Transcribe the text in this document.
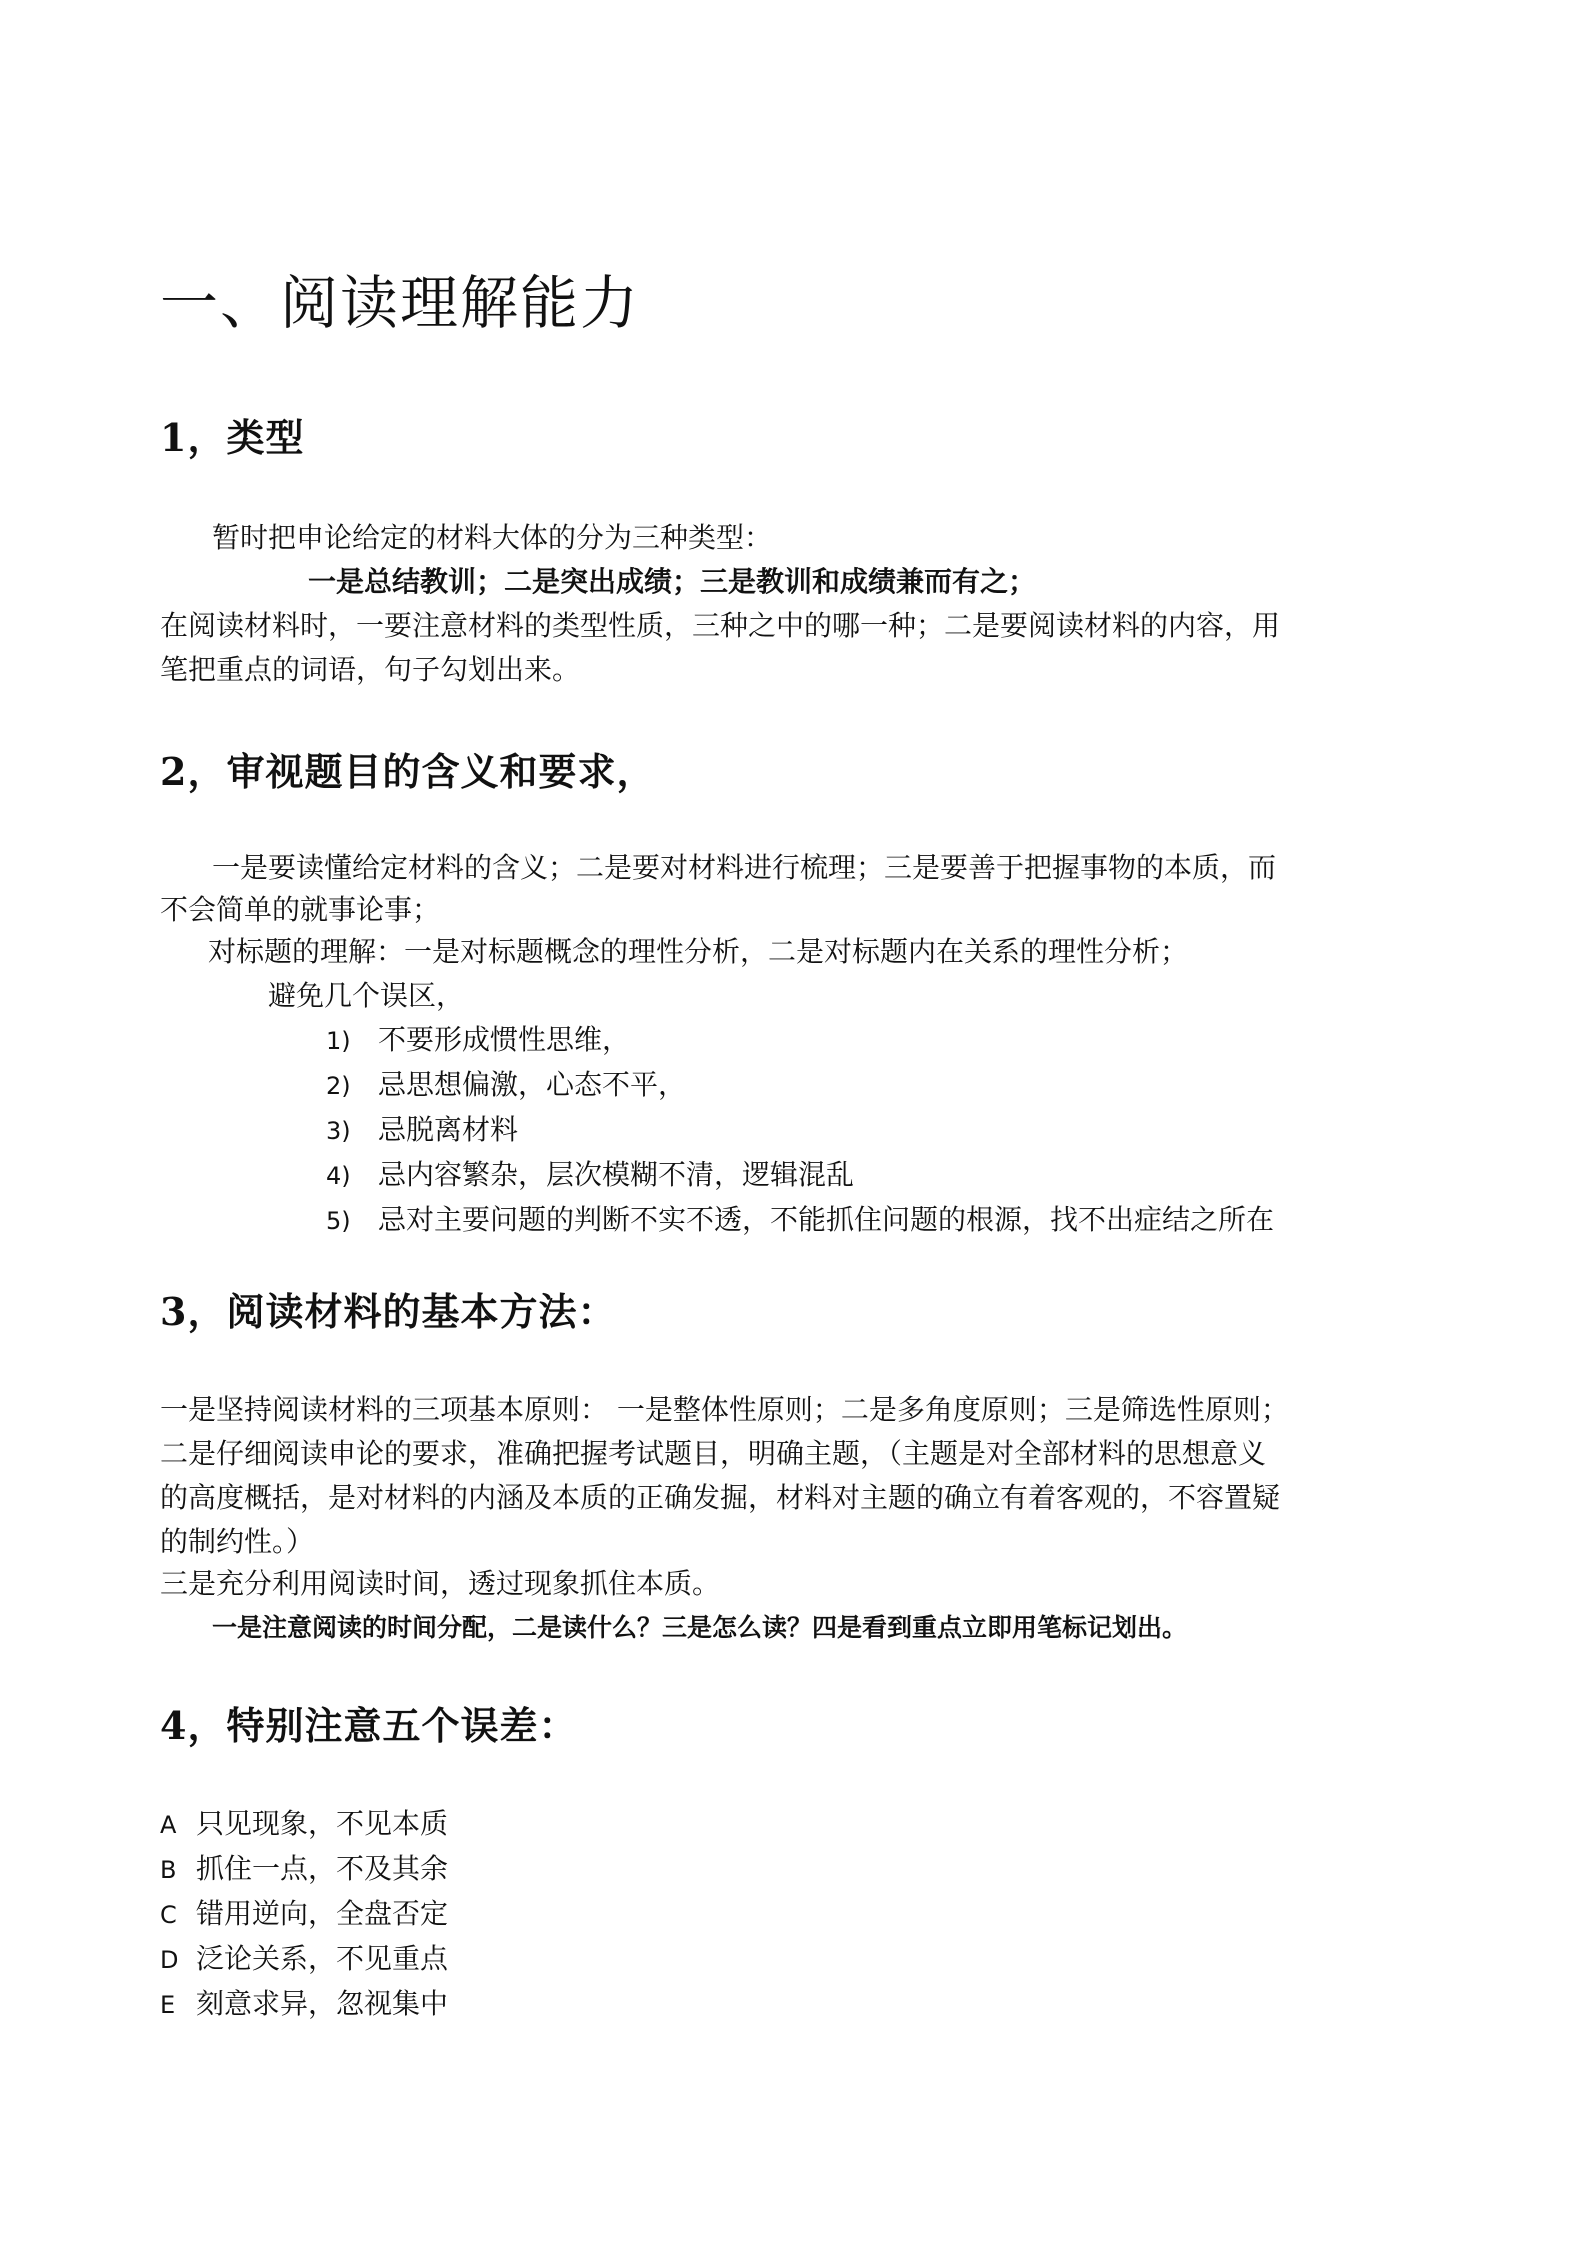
一、阅读理解能力
1，类型
暂时把申论给定的材料大体的分为三种类型：
一是总结教训；二是突出成绩；三是教训和成绩兼而有之；
在阅读材料时，一要注意材料的类型性质，三种之中的哪一种；二是要阅读材料的内容，用
笔把重点的词语，句子勾划出来。
2，审视题目的含义和要求，
一是要读懂给定材料的含义；二是要对材料进行梳理；三是要善于把握事物的本质，而
不会简单的就事论事；
对标题的理解：一是对标题概念的理性分析，二是对标题内在关系的理性分析；
避免几个误区，
1) 不要形成惯性思维，
2) 忌思想偏激，心态不平，
3) 忌脱离材料
4) 忌内容繁杂，层次模糊不清，逻辑混乱
5) 忌对主要问题的判断不实不透，不能抓住问题的根源，找不出症结之所在
3，阅读材料的基本方法：
一是坚持阅读材料的三项基本原则： 一是整体性原则；二是多角度原则；三是筛选性原则；
二是仔细阅读申论的要求，准确把握考试题目，明确主题，（主题是对全部材料的思想意义
的高度概括，是对材料的内涵及本质的正确发掘，材料对主题的确立有着客观的，不容置疑
的制约性。）
三是充分利用阅读时间，透过现象抓住本质。
一是注意阅读的时间分配，二是读什么？三是怎么读？四是看到重点立即用笔标记划出。
4，特别注意五个误差：
A 只见现象，不见本质
B 抓住一点，不及其余
C 错用逆向，全盘否定
D 泛论关系，不见重点
E 刻意求异，忽视集中
